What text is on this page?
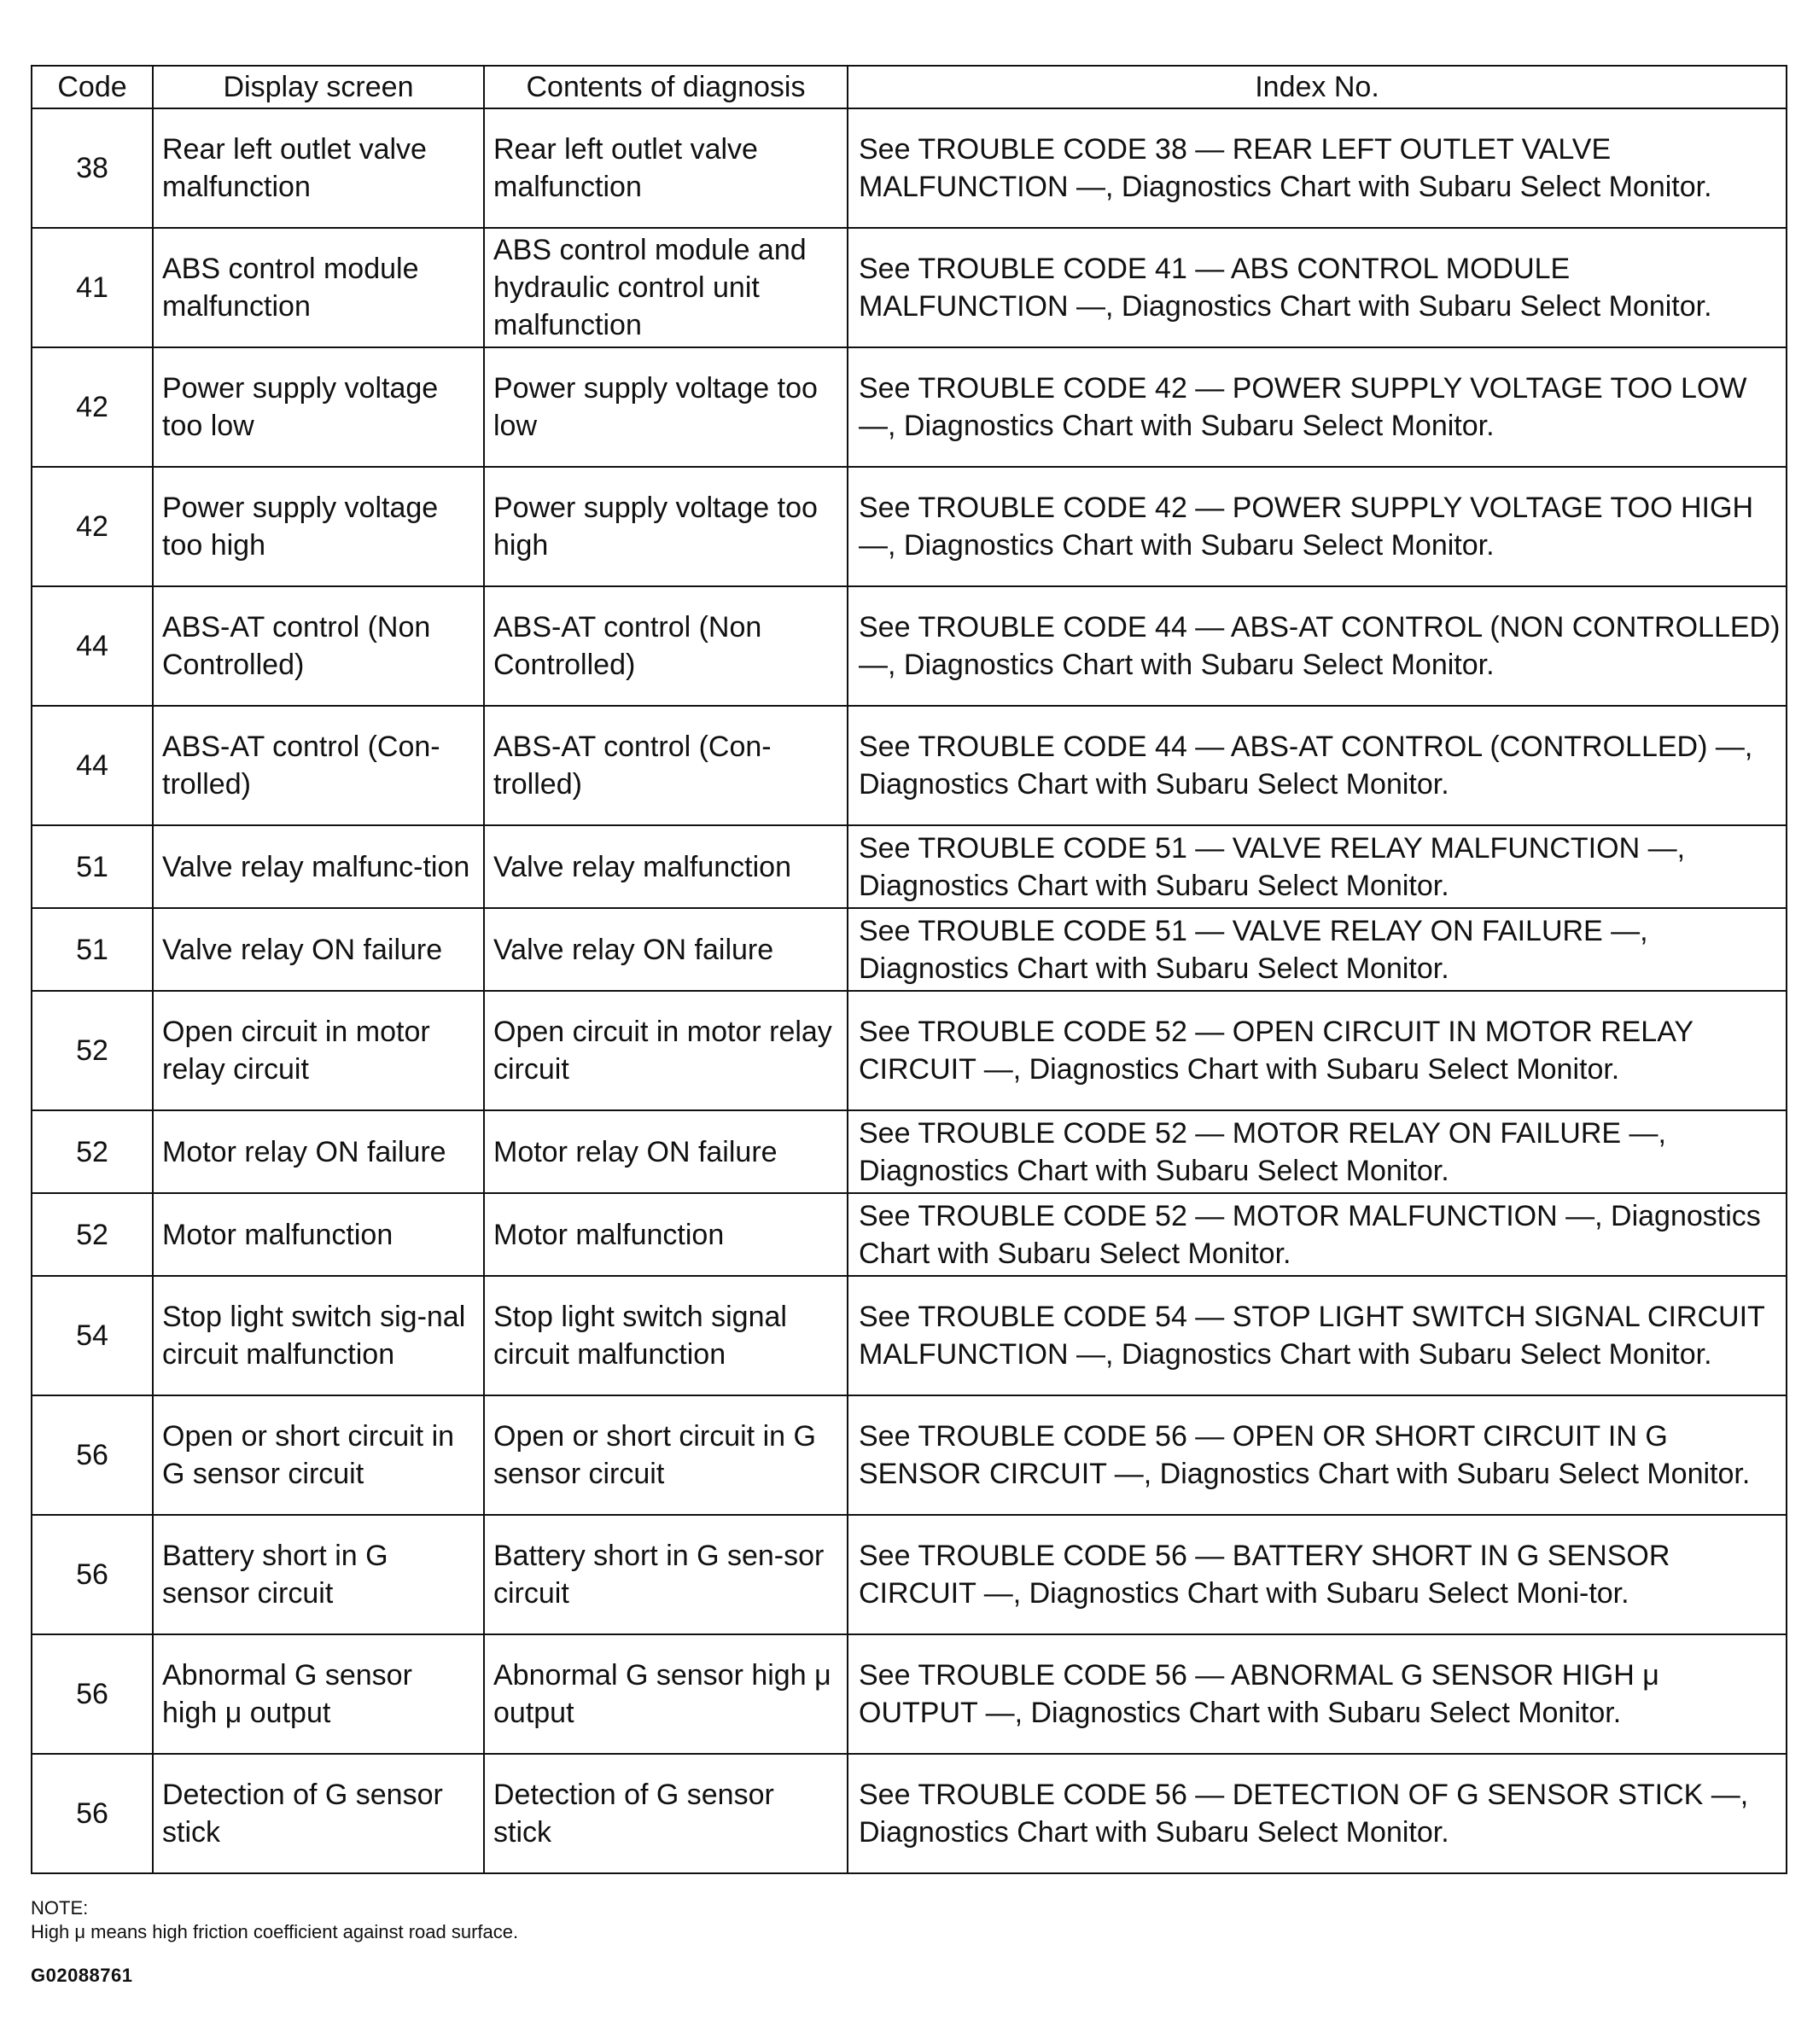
Code	Display screen	Contents of diagnosis	Index No.
38	Rear left outlet valve malfunction	Rear left outlet valve malfunction	See TROUBLE CODE 38 — REAR LEFT OUTLET VALVE MALFUNCTION —, Diagnostics Chart with Subaru Select Monitor.
41	ABS control module malfunction	ABS control module and hydraulic control unit malfunction	See TROUBLE CODE 41 — ABS CONTROL MODULE MALFUNCTION —, Diagnostics Chart with Subaru Select Monitor.
42	Power supply voltage too low	Power supply voltage too low	See TROUBLE CODE 42 — POWER SUPPLY VOLTAGE TOO LOW —, Diagnostics Chart with Subaru Select Monitor.
42	Power supply voltage too high	Power supply voltage too high	See TROUBLE CODE 42 — POWER SUPPLY VOLTAGE TOO HIGH —, Diagnostics Chart with Subaru Select Monitor.
44	ABS-AT control (Non Controlled)	ABS-AT control (Non Controlled)	See TROUBLE CODE 44 — ABS-AT CONTROL (NON CONTROLLED) —, Diagnostics Chart with Subaru Select Monitor.
44	ABS-AT control (Con-trolled)	ABS-AT control (Con-trolled)	See TROUBLE CODE 44 — ABS-AT CONTROL (CONTROLLED) —, Diagnostics Chart with Subaru Select Monitor.
51	Valve relay malfunc-tion	Valve relay malfunction	See TROUBLE CODE 51 — VALVE RELAY MALFUNCTION —, Diagnostics Chart with Subaru Select Monitor.
51	Valve relay ON failure	Valve relay ON failure	See TROUBLE CODE 51 — VALVE RELAY ON FAILURE —, Diagnostics Chart with Subaru Select Monitor.
52	Open circuit in motor relay circuit	Open circuit in motor relay circuit	See TROUBLE CODE 52 — OPEN CIRCUIT IN MOTOR RELAY CIRCUIT —, Diagnostics Chart with Subaru Select Monitor.
52	Motor relay ON failure	Motor relay ON failure	See TROUBLE CODE 52 — MOTOR RELAY ON FAILURE —, Diagnostics Chart with Subaru Select Monitor.
52	Motor malfunction	Motor malfunction	See TROUBLE CODE 52 — MOTOR MALFUNCTION —, Diagnostics Chart with Subaru Select Monitor.
54	Stop light switch sig-nal circuit malfunction	Stop light switch signal circuit malfunction	See TROUBLE CODE 54 — STOP LIGHT SWITCH SIGNAL CIRCUIT MALFUNCTION —, Diagnostics Chart with Subaru Select Monitor.
56	Open or short circuit in G sensor circuit	Open or short circuit in G sensor circuit	See TROUBLE CODE 56 — OPEN OR SHORT CIRCUIT IN G SENSOR CIRCUIT —, Diagnostics Chart with Subaru Select Monitor.
56	Battery short in G sensor circuit	Battery short in G sen-sor circuit	See TROUBLE CODE 56 — BATTERY SHORT IN G SENSOR CIRCUIT —, Diagnostics Chart with Subaru Select Moni-tor.
56	Abnormal G sensor high μ output	Abnormal G sensor high μ output	See TROUBLE CODE 56 — ABNORMAL G SENSOR HIGH μ OUTPUT —, Diagnostics Chart with Subaru Select Monitor.
56	Detection of G sensor stick	Detection of G sensor stick	See TROUBLE CODE 56 — DETECTION OF G SENSOR STICK —, Diagnostics Chart with Subaru Select Monitor.
NOTE:
High μ means high friction coefficient against road surface.
G02088761
